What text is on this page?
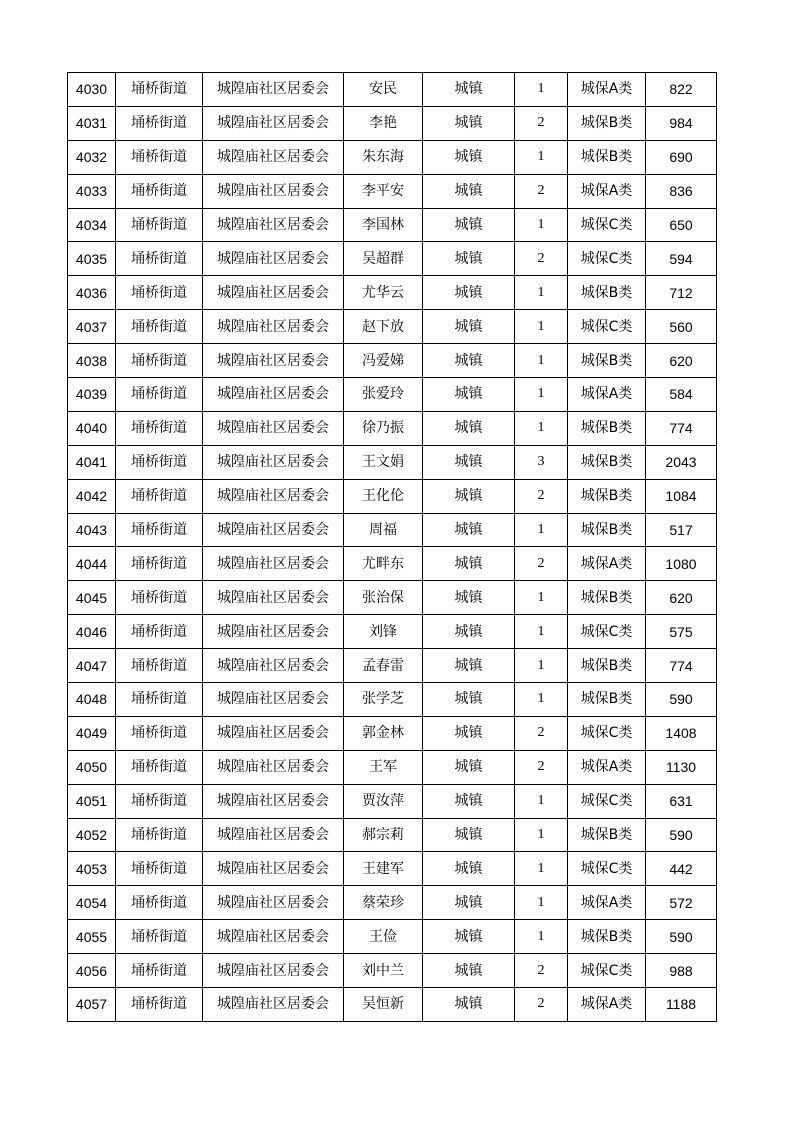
4030	埇桥街道	城隍庙社区居委会	安民	城镇	1	城保A类	822
4031	埇桥街道	城隍庙社区居委会	李艳	城镇	2	城保B类	984
4032	埇桥街道	城隍庙社区居委会	朱东海	城镇	1	城保B类	690
4033	埇桥街道	城隍庙社区居委会	李平安	城镇	2	城保A类	836
4034	埇桥街道	城隍庙社区居委会	李国林	城镇	1	城保C类	650
4035	埇桥街道	城隍庙社区居委会	吴超群	城镇	2	城保C类	594
4036	埇桥街道	城隍庙社区居委会	尤华云	城镇	1	城保B类	712
4037	埇桥街道	城隍庙社区居委会	赵下放	城镇	1	城保C类	560
4038	埇桥街道	城隍庙社区居委会	冯爱娣	城镇	1	城保B类	620
4039	埇桥街道	城隍庙社区居委会	张爱玲	城镇	1	城保A类	584
4040	埇桥街道	城隍庙社区居委会	徐乃振	城镇	1	城保B类	774
4041	埇桥街道	城隍庙社区居委会	王文娟	城镇	3	城保B类	2043
4042	埇桥街道	城隍庙社区居委会	王化伦	城镇	2	城保B类	1084
4043	埇桥街道	城隍庙社区居委会	周福	城镇	1	城保B类	517
4044	埇桥街道	城隍庙社区居委会	尤畔东	城镇	2	城保A类	1080
4045	埇桥街道	城隍庙社区居委会	张治保	城镇	1	城保B类	620
4046	埇桥街道	城隍庙社区居委会	刘锋	城镇	1	城保C类	575
4047	埇桥街道	城隍庙社区居委会	孟春雷	城镇	1	城保B类	774
4048	埇桥街道	城隍庙社区居委会	张学芝	城镇	1	城保B类	590
4049	埇桥街道	城隍庙社区居委会	郭金林	城镇	2	城保C类	1408
4050	埇桥街道	城隍庙社区居委会	王军	城镇	2	城保A类	1130
4051	埇桥街道	城隍庙社区居委会	贾汝萍	城镇	1	城保C类	631
4052	埇桥街道	城隍庙社区居委会	郝宗莉	城镇	1	城保B类	590
4053	埇桥街道	城隍庙社区居委会	王建军	城镇	1	城保C类	442
4054	埇桥街道	城隍庙社区居委会	蔡荣珍	城镇	1	城保A类	572
4055	埇桥街道	城隍庙社区居委会	王俭	城镇	1	城保B类	590
4056	埇桥街道	城隍庙社区居委会	刘中兰	城镇	2	城保C类	988
4057	埇桥街道	城隍庙社区居委会	吴恒新	城镇	2	城保A类	1188
